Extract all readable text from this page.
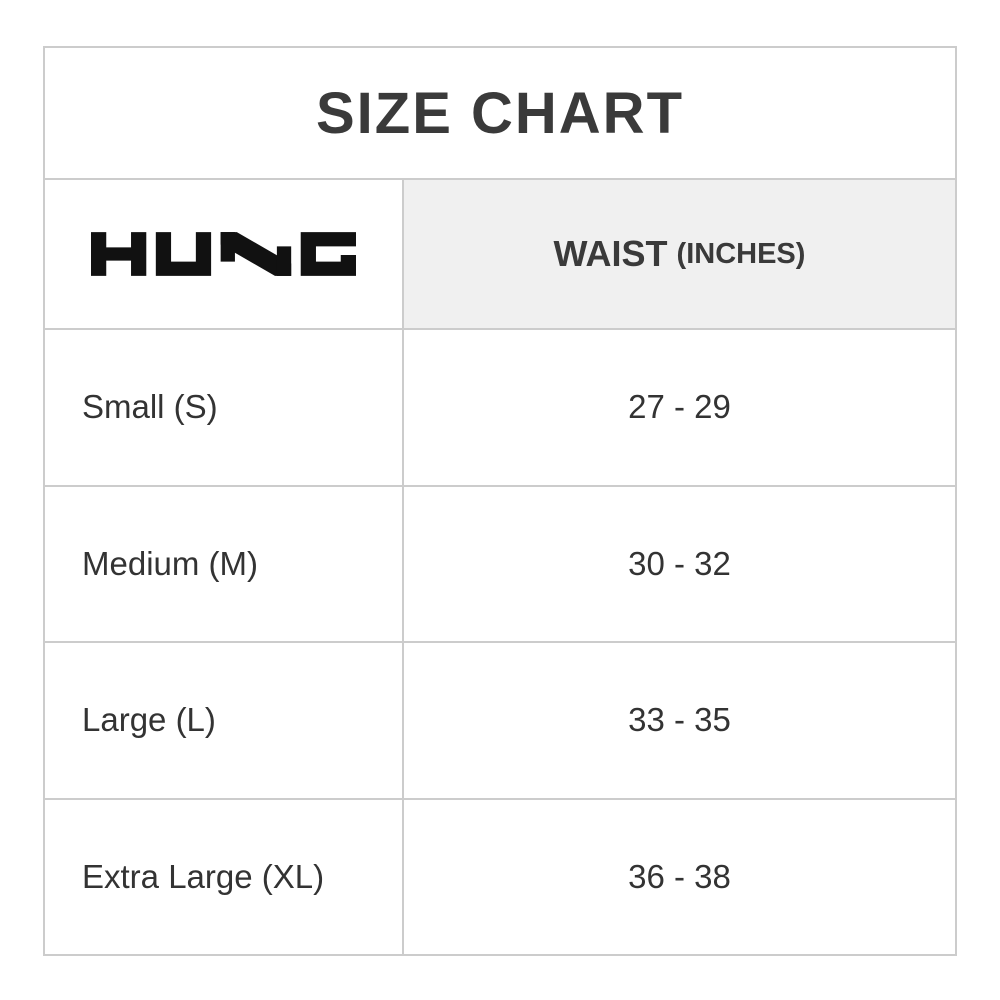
SIZE CHART
WAIST (INCHES)
Small (S)	27 - 29
Medium (M)	30 - 32
Large (L)	33 - 35
Extra Large (XL)	36 - 38
